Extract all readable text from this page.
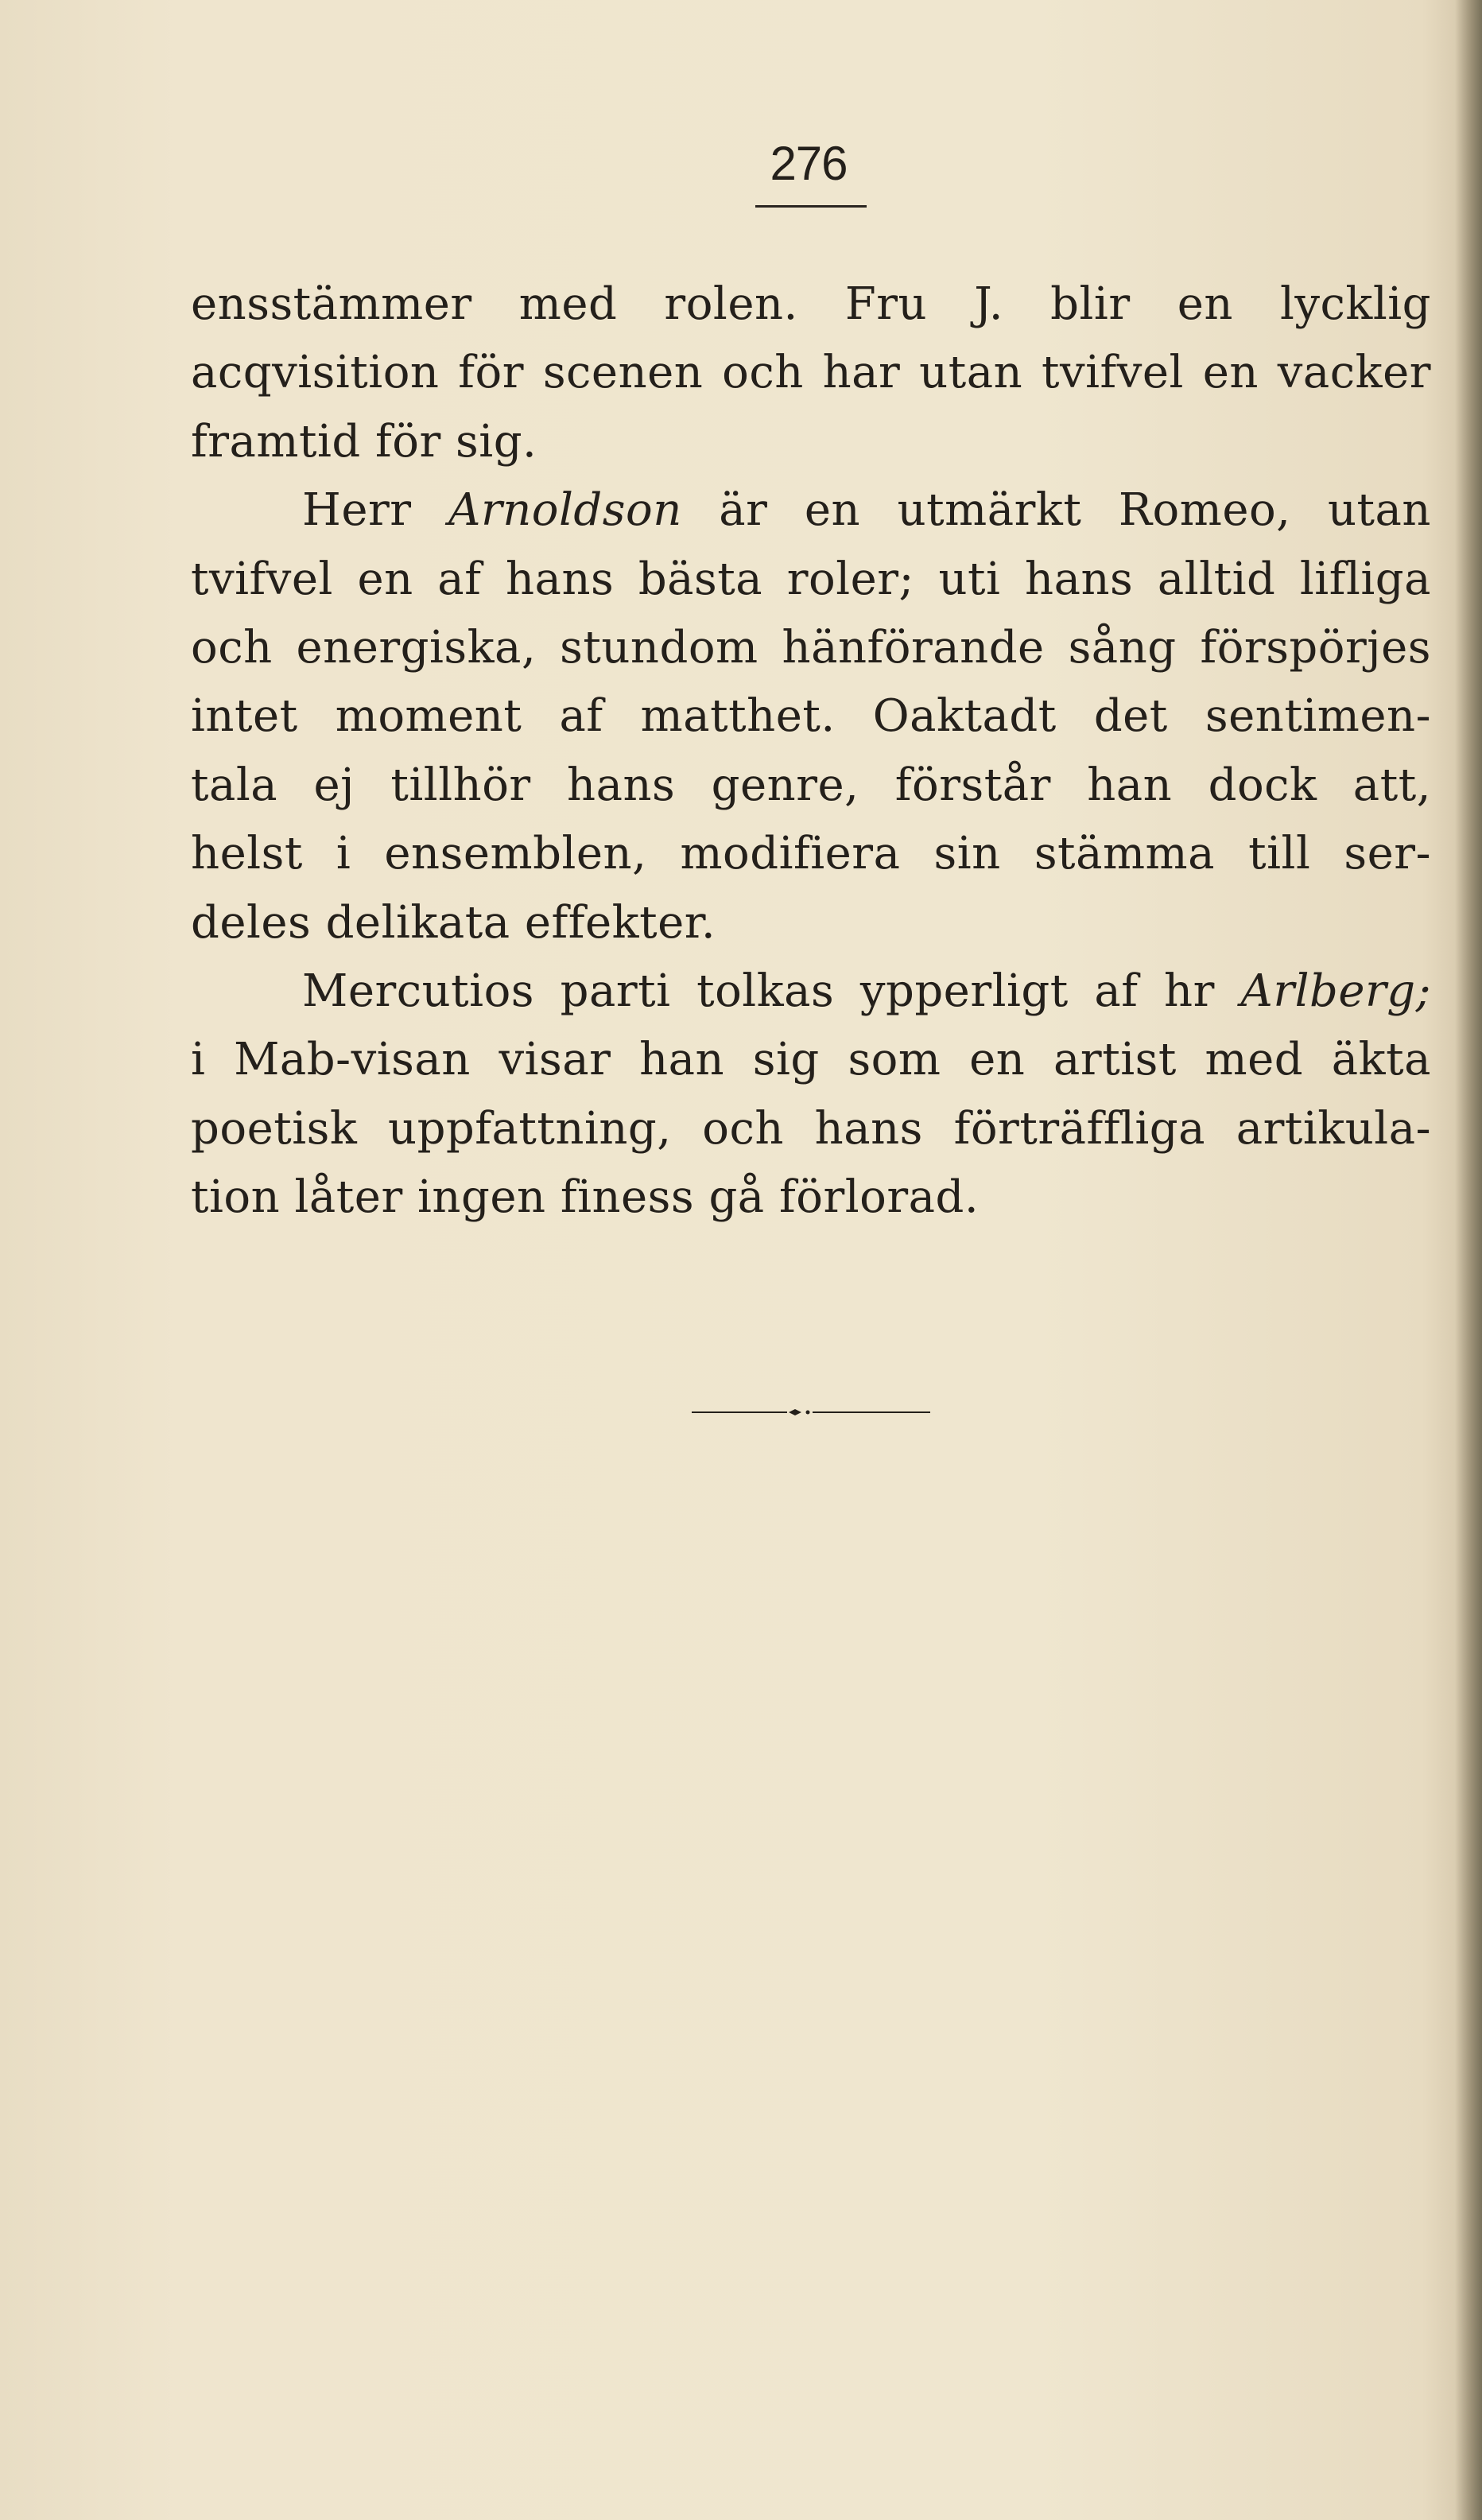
276
ensstämmer med rolen. Fru J. blir en lycklig
acqvisition för scenen och har utan tvifvel en vacker
framtid för sig.
Herr Arnoldson är en utmärkt Romeo, utan
tvifvel en af hans bästa roler; uti hans alltid lifliga
och energiska, stundom hänförande sång förspörjes
intet moment af matthet. Oaktadt det sentimen-
tala ej tillhör hans genre, förstår han dock att,
helst i ensemblen, modifiera sin stämma till ser-
deles delikata effekter.
Mercutios parti tolkas ypperligt af hr Arlberg;
i Mab-visan visar han sig som en artist med äkta
poetisk uppfattning, och hans förträffliga artikula-
tion låter ingen finess gå förlorad.
